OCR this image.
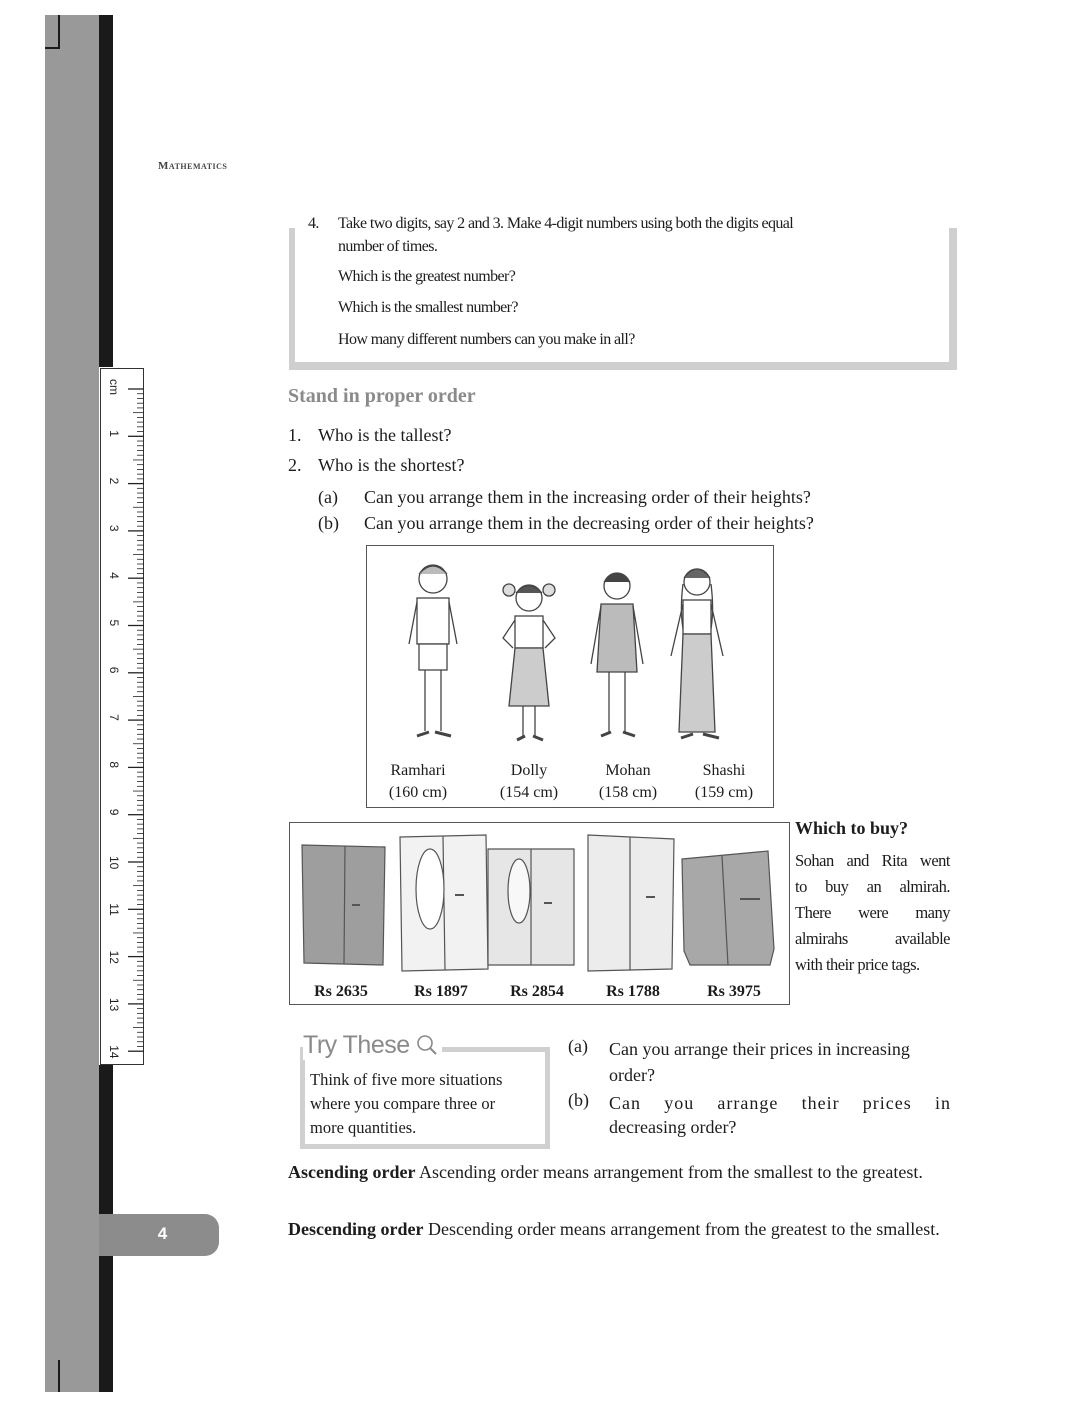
cm
1
2
3
4
5
6
7
8
9
10
11
12
13
14
Mathematics
4. Take two digits, say 2 and 3. Make 4-digit numbers using both the digits equal
number of times.
Which is the greatest number?
Which is the smallest number?
How many different numbers can you make in all?
Stand in proper order
1. Who is the tallest?
2. Who is the shortest?
(a) Can you arrange them in the increasing order of their heights?
(b) Can you arrange them in the decreasing order of their heights?
Ramhari
(160 cm)
Dolly
(154 cm)
Mohan
(158 cm)
Shashi
(159 cm)
Rs 2635	Rs 1897	Rs 2854	Rs 1788	Rs 3975
Which to buy?
Sohan and Rita went
to buy an almirah.
There were many
almirahs available
with their price tags.
Try These
Think of five more situations
where you compare three or
more quantities.
(a) Can you arrange their prices in increasing
order?
(b) Can you arrange their prices in
decreasing order?
Ascending order Ascending order means arrangement from the smallest to the greatest.
Descending order Descending order means arrangement from the greatest to the smallest.
4
